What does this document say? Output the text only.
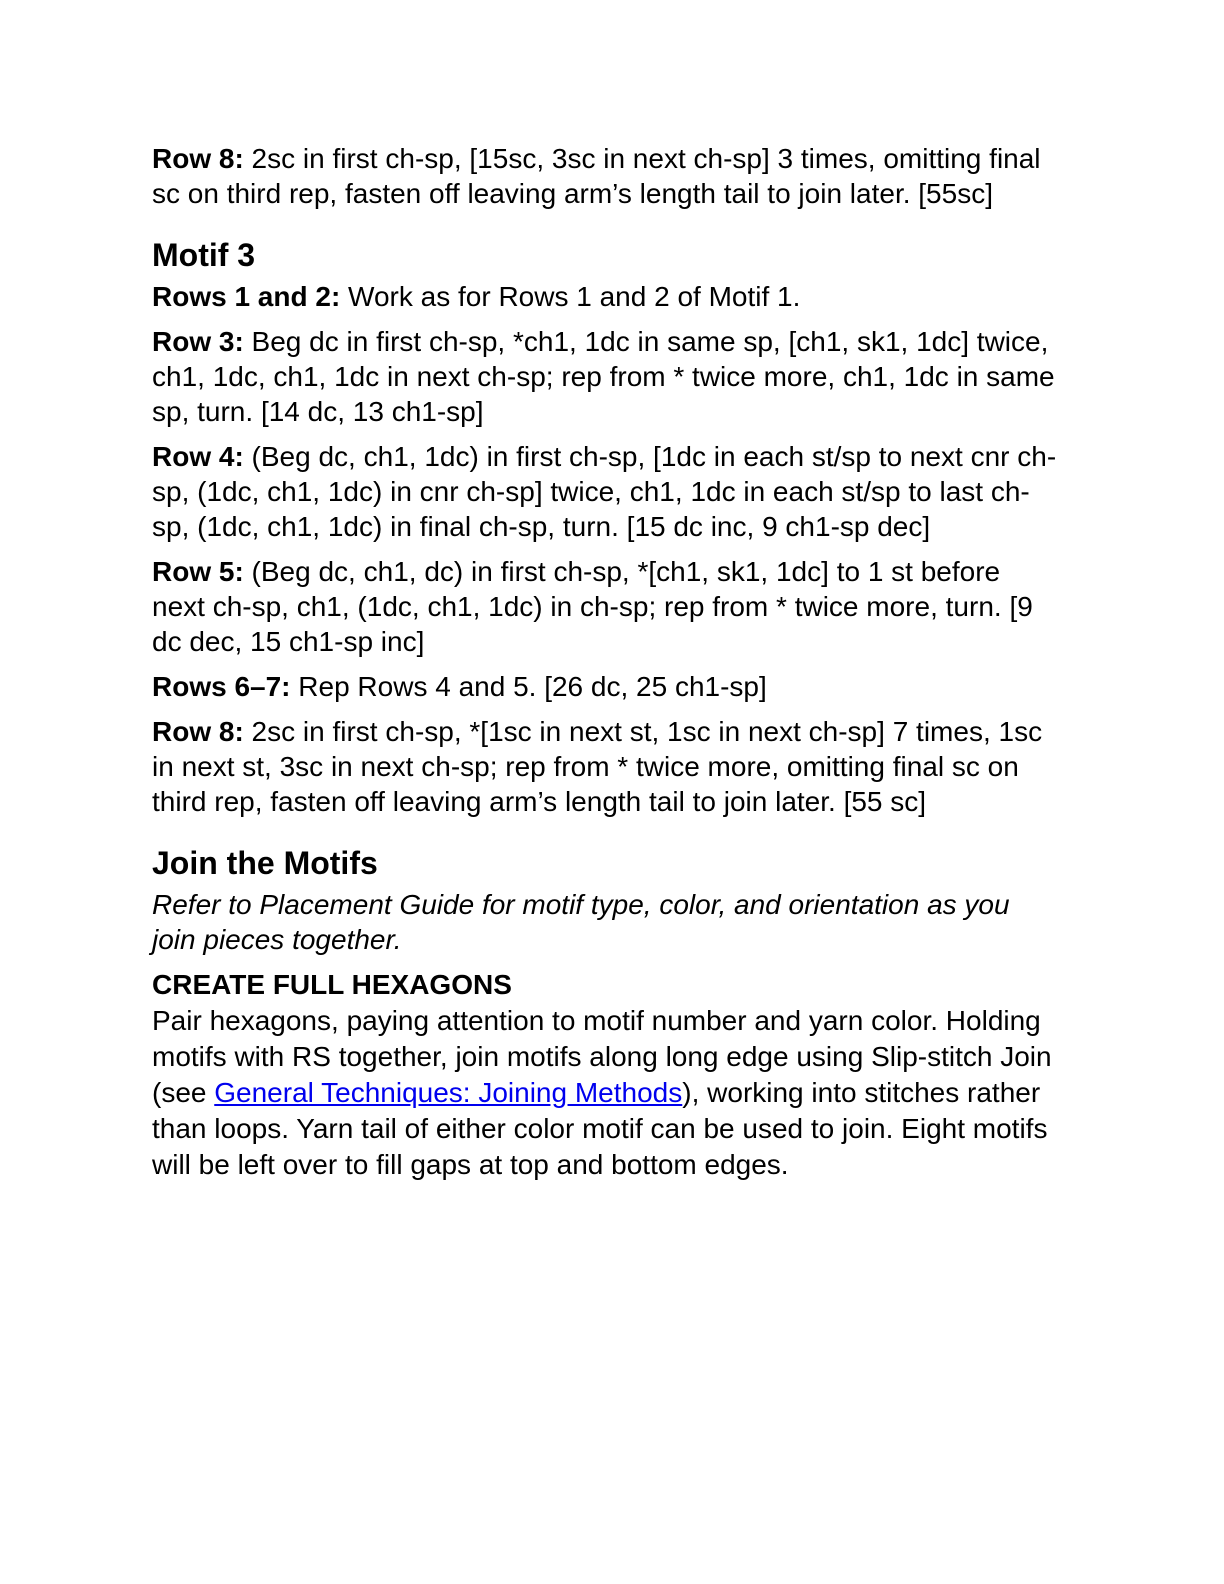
Row 8: 2sc in first ch-sp, [15sc, 3sc in next ch-sp] 3 times, omitting final sc on third rep, fasten off leaving arm’s length tail to join later. [55sc]

Motif 3

Rows 1 and 2: Work as for Rows 1 and 2 of Motif 1.

Row 3: Beg dc in first ch-sp, *ch1, 1dc in same sp, [ch1, sk1, 1dc] twice, ch1, 1dc, ch1, 1dc in next ch-sp; rep from * twice more, ch1, 1dc in same sp, turn. [14 dc, 13 ch1-sp]

Row 4: (Beg dc, ch1, 1dc) in first ch-sp, [1dc in each st/sp to next cnr ch-sp, (1dc, ch1, 1dc) in cnr ch-sp] twice, ch1, 1dc in each st/sp to last ch-sp, (1dc, ch1, 1dc) in final ch-sp, turn. [15 dc inc, 9 ch1-sp dec]

Row 5: (Beg dc, ch1, dc) in first ch-sp, *[ch1, sk1, 1dc] to 1 st before next ch-sp, ch1, (1dc, ch1, 1dc) in ch-sp; rep from * twice more, turn. [9 dc dec, 15 ch1-sp inc]

Rows 6–7: Rep Rows 4 and 5. [26 dc, 25 ch1-sp]

Row 8: 2sc in first ch-sp, *[1sc in next st, 1sc in next ch-sp] 7 times, 1sc in next st, 3sc in next ch-sp; rep from * twice more, omitting final sc on third rep, fasten off leaving arm’s length tail to join later. [55 sc]

Join the Motifs

Refer to Placement Guide for motif type, color, and orientation as you join pieces together.

CREATE FULL HEXAGONS

Pair hexagons, paying attention to motif number and yarn color. Holding motifs with RS together, join motifs along long edge using Slip-stitch Join (see General Techniques: Joining Methods), working into stitches rather than loops. Yarn tail of either color motif can be used to join. Eight motifs will be left over to fill gaps at top and bottom edges.
